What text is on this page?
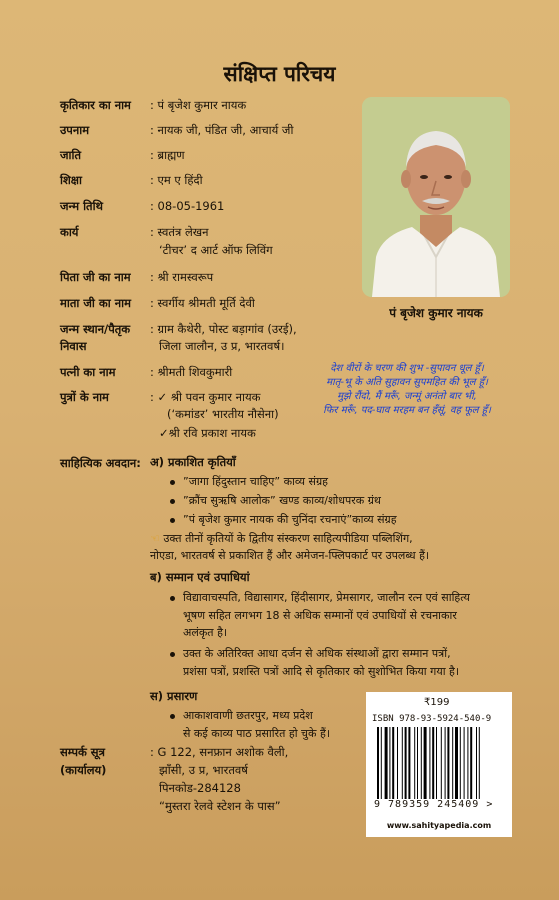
संक्षिप्त परिचय
कृतिकार का नाम : पं बृजेश कुमार नायक
उपनाम	: नायक जी, पंडित जी, आचार्य जी
जाति	: ब्राह्मण
शिक्षा	: एम ए हिंदी
जन्म तिथि	: 08-05-1961
कार्य	: स्वतंत्र लेखन
‘टीचर’ द आर्ट ऑफ लिविंग
पिता जी का नाम : श्री रामस्वरूप
माता जी का नाम : स्वर्गीय श्रीमती मूर्ति देवी
जन्म स्थान/पैतृक
निवास
: ग्राम कैथेरी, पोस्ट बड़ागांव (उरई),
जिला जालौन, उ प्र, भारतवर्ष।
पत्नी का नाम	: श्रीमती शिवकुमारी
पुत्रों के नाम	: ✓ श्री पवन कुमार नायक
(‘कमांडर’ भारतीय नौसेना)
✓श्री रवि प्रकाश नायक
पं बृजेश कुमार नायक
देश वीरों के चरण की शुभ -सुपावन धूल हूँ।
मातृ-भू के अति सुहावन सुपमहित की भूल हूँ।
मुझे रौंदो, मैं मरूँ, जन्मूं अनंतो बार भी,
फिर मरूँ, पद-घाव मरहम बन हँसूं, वह फूल हूँ।
साहित्यिक अवदान: अ) प्रकाशित कृतियाँ
”जागा हिंदुस्तान चाहिए” काव्य संग्रह
”क्रौंच सुऋषि आलोक” खण्ड काव्य/शोधपरक ग्रंथ
”पं बृजेश कुमार नायक की चुनिंदा रचनाएं”काव्य संग्रह
☜ उक्त तीनों कृतियों के द्वितीय संस्करण साहित्यपीडिया पब्लिशिंग,
नोएडा, भारतवर्ष से प्रकाशित हैं और अमेजन-फ्लिपकार्ट पर उपलब्ध हैं।
ब) सम्मान एवं उपाधियां
विद्यावाचस्पति, विद्यासागर, हिंदीसागर, प्रेमसागर, जालौन रत्न एवं साहित्य
भूषण सहित लगभग 18 से अधिक सम्मानों एवं उपाधियों से रचनाकार
अलंकृत है।
उक्त के अतिरिक्त आधा दर्जन से अधिक संस्थाओं द्वारा सम्मान पत्रों,
प्रशंसा पत्रों, प्रशस्ति पत्रों आदि से कृतिकार को सुशोभित किया गया है।
स) प्रसारण
आकाशवाणी छतरपुर, मध्य प्रदेश
से कई काव्य पाठ प्रसारित हो चुके हैं।
सम्पर्क सूत्र
(कार्यालय)
: G 122, सनफ्रान अशोक वैली,
झाँसी, उ प्र, भारतवर्ष
पिनकोड-284128
“मुस्तरा रेलवे स्टेशन के पास”
₹199
ISBN 978-93-5924-540-9
9 789359 245409 >
www.sahityapedia.com
